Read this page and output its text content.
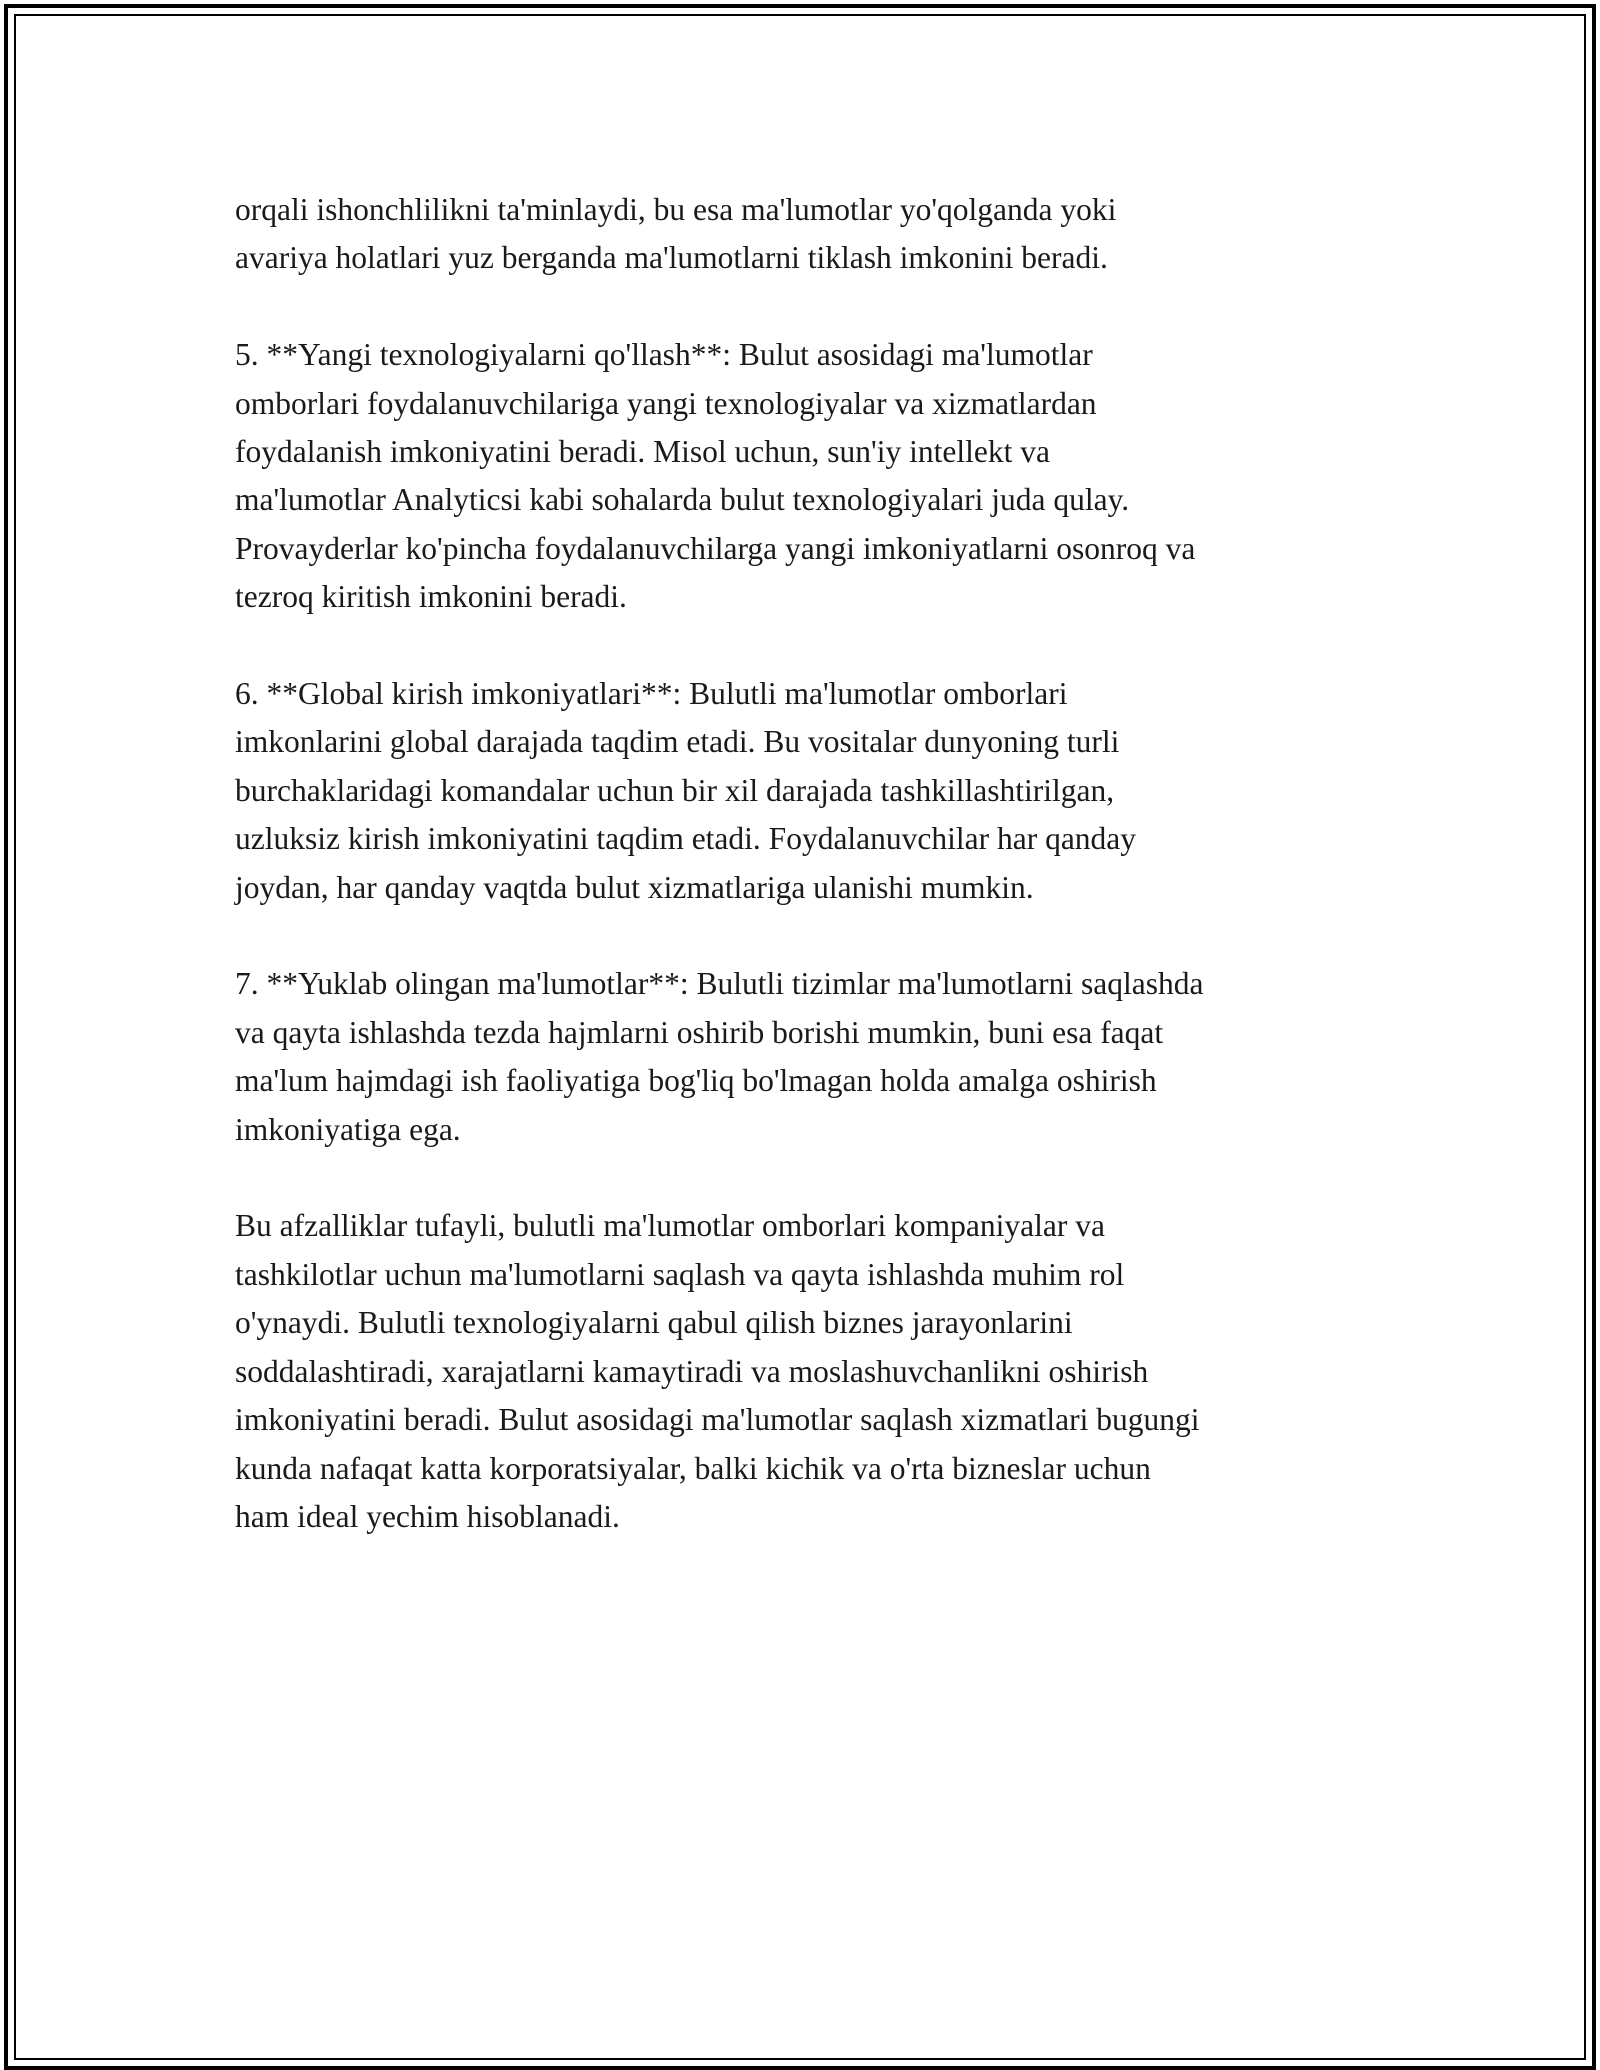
orqali ishonchlilikni ta'minlaydi, bu esa ma'lumotlar yo'qolganda yoki
avariya holatlari yuz berganda ma'lumotlarni tiklash imkonini beradi.

5. **Yangi texnologiyalarni qo'llash**: Bulut asosidagi ma'lumotlar
omborlari foydalanuvchilariga yangi texnologiyalar va xizmatlardan
foydalanish imkoniyatini beradi. Misol uchun, sun'iy intellekt va
ma'lumotlar Analyticsi kabi sohalarda bulut texnologiyalari juda qulay.
Provayderlar ko'pincha foydalanuvchilarga yangi imkoniyatlarni osonroq va
tezroq kiritish imkonini beradi.

6. **Global kirish imkoniyatlari**: Bulutli ma'lumotlar omborlari
imkonlarini global darajada taqdim etadi. Bu vositalar dunyoning turli
burchaklaridagi komandalar uchun bir xil darajada tashkillashtirilgan,
uzluksiz kirish imkoniyatini taqdim etadi. Foydalanuvchilar har qanday
joydan, har qanday vaqtda bulut xizmatlariga ulanishi mumkin.

7. **Yuklab olingan ma'lumotlar**: Bulutli tizimlar ma'lumotlarni saqlashda
va qayta ishlashda tezda hajmlarni oshirib borishi mumkin, buni esa faqat
ma'lum hajmdagi ish faoliyatiga bog'liq bo'lmagan holda amalga oshirish
imkoniyatiga ega.

Bu afzalliklar tufayli, bulutli ma'lumotlar omborlari kompaniyalar va
tashkilotlar uchun ma'lumotlarni saqlash va qayta ishlashda muhim rol
o'ynaydi. Bulutli texnologiyalarni qabul qilish biznes jarayonlarini
soddalashtiradi, xarajatlarni kamaytiradi va moslashuvchanlikni oshirish
imkoniyatini beradi. Bulut asosidagi ma'lumotlar saqlash xizmatlari bugungi
kunda nafaqat katta korporatsiyalar, balki kichik va o'rta bizneslar uchun
ham ideal yechim hisoblanadi.
